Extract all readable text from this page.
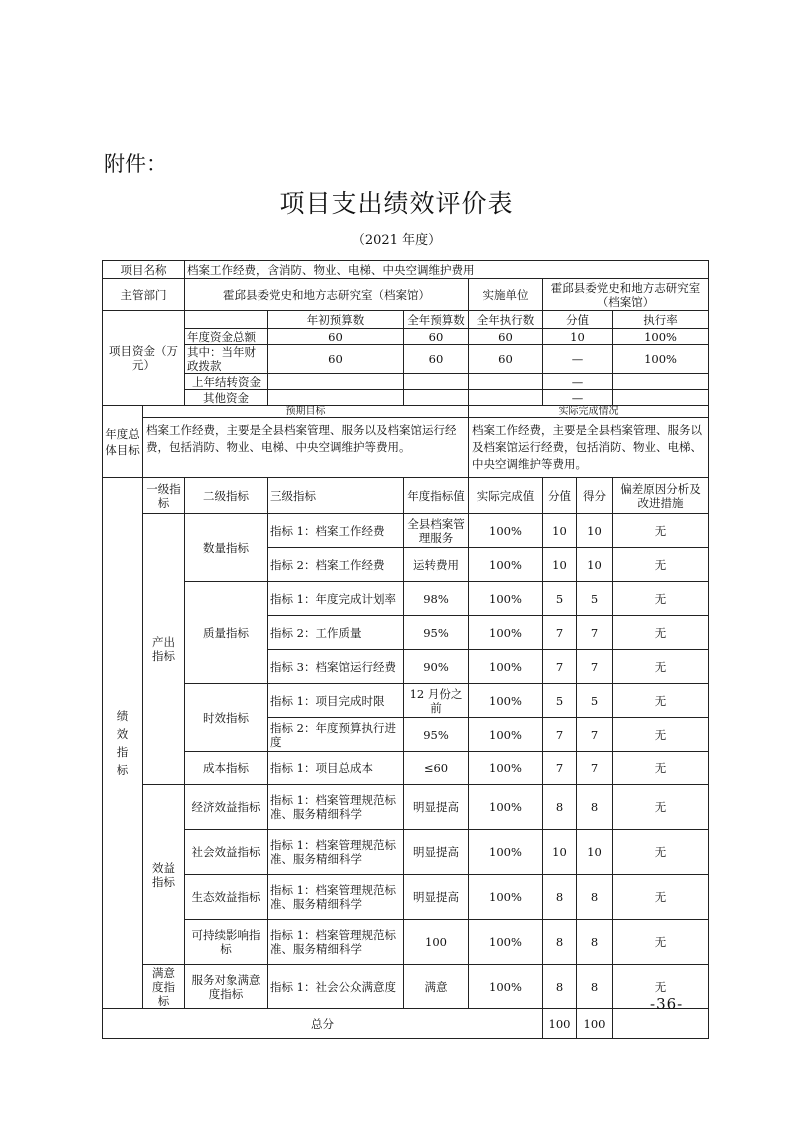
附件：
项目支出绩效评价表
（2021 年度）
项目名称		档案工作经费，含消防、物业、电梯、中央空调维护费用						
主管部门		霍邱县委党史和地方志研究室（档案馆）			实施单位	霍邱县委党史和地方志研究室（档案馆）		
项目资金（万元）			年初预算数	全年预算数	全年执行数	分值		执行率
		年度资金总额	60	60	60	10		100%
		其中：当年财政拨款	60	60	60	—		100%
		上年结转资金				—		
		其他资金				—		

年度总体目标	预期目标				实际完成情况			
	档案工作经费，主要是全县档案管理、服务以及档案馆运行经费，包括消防、物业、电梯、中央空调维护等费用。				档案工作经费，主要是全县档案管理、服务以及档案馆运行经费，包括消防、物业、电梯、中央空调维护等费用。			

绩效指标	一级指标	二级指标	三级指标	年度指标值	实际完成值	分值	得分	偏差原因分析及改进措施

	产出指标	数量指标	指标 1：档案工作经费	全县档案管理服务	100%	10	10	无
			指标 2：档案工作经费	运转费用	100%	10	10	无
		质量指标	指标 1：年度完成计划率	98%	100%	5	5	无
			指标 2：工作质量	95%	100%	7	7	无
			指标 3：档案馆运行经费	90%	100%	7	7	无
		时效指标	指标 1：项目完成时限	12 月份之前	100%	5	5	无
			指标 2：年度预算执行进度	95%	100%	7	7	无
		成本指标	指标 1：项目总成本	≤60	100%	7	7	无

	效益指标	经济效益指标	指标 1：档案管理规范标准、服务精细科学	明显提高	100%	8	8	无
		社会效益指标	指标 1：档案管理规范标准、服务精细科学	明显提高	100%	10	10	无
		生态效益指标	指标 1：档案管理规范标准、服务精细科学	明显提高	100%	8	8	无
		可持续影响指标	指标 1：档案管理规范标准、服务精细科学	100	100%	8	8	无

	满意度指标	服务对象满意度指标	指标 1：社会公众满意度	满意	100%	8	8	无
总分						100	100	
-36-
